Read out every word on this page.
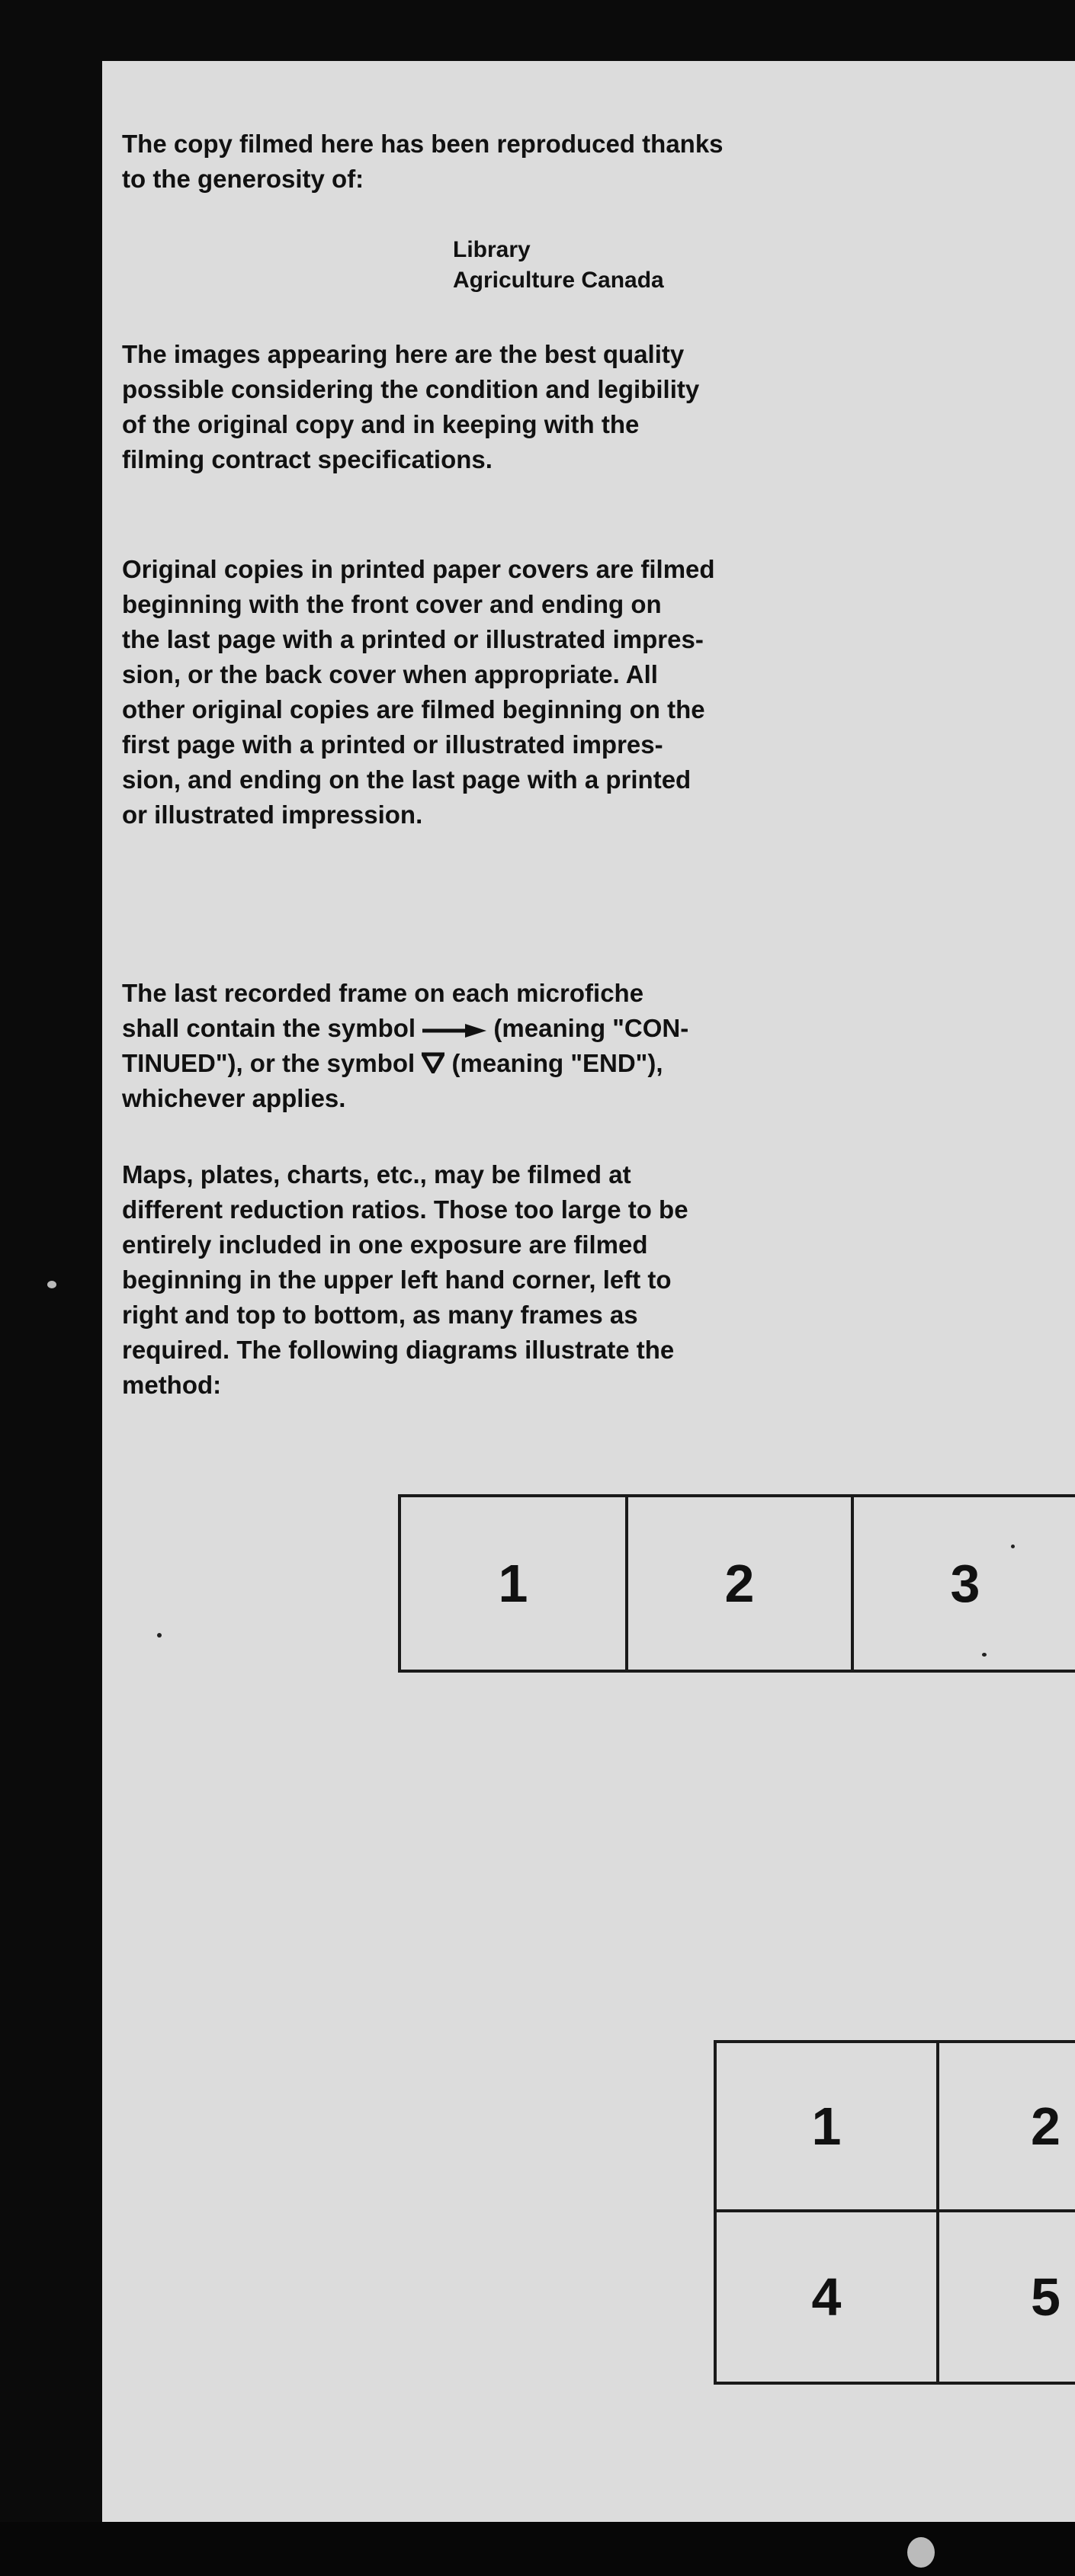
The copy filmed here has been reproduced thanks
to the generosity of:
Library
Agriculture Canada
The images appearing here are the best quality
possible considering the condition and legibility
of the original copy and in keeping with the
filming contract specifications.
Original copies in printed paper covers are filmed
beginning with the front cover and ending on
the last page with a printed or illustrated impres-
sion, or the back cover when appropriate. All
other original copies are filmed beginning on the
first page with a printed or illustrated impres-
sion, and ending on the last page with a printed
or illustrated impression.
The last recorded frame on each microfiche
shall contain the symbol	(meaning "CON-
TINUED"), or the symbol  (meaning "END"),
whichever applies.
Maps, plates, charts, etc., may be filmed at
different reduction ratios. Those too large to be
entirely included in one exposure are filmed
beginning in the upper left hand corner, left to
right and top to bottom, as many frames as
required. The following diagrams illustrate the
method:
1	2	3
1	2
4	5
